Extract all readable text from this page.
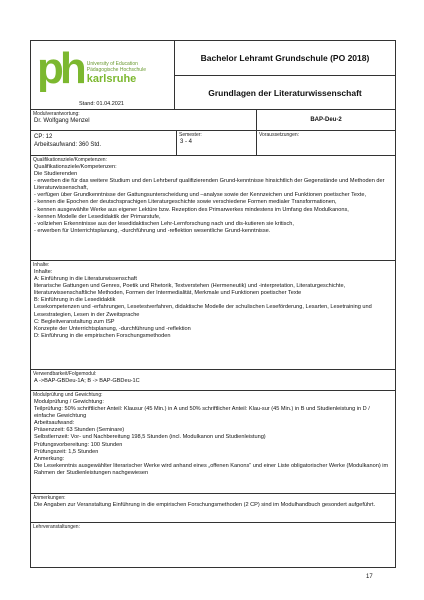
ph University of Education
Pädagogische Hochschule
karlsruhe
Stand: 01.04.2021
Bachelor Lehramt Grundschule (PO 2018)
Grundlagen der Literaturwissenschaft
Modulverantwortung:
Dr. Wolfgang Menzel	BAP-Deu-2
CP: 12
Arbeitsaufwand: 360 Std.
Semester:
3 - 4
Voraussetzungen:
Qualifikationsziele/Kompetenzen:
Qualifikationsziele/Kompetenzen:
Die Studierenden
- erwerben die für das weitere Studium und den Lehrberuf qualifizierenden Grund-kenntnisse hinsichtlich der Gegenstände und Methoden der Literaturwissenschaft,
- verfügen über Grundkenntnisse der Gattungsunterscheidung und –analyse sowie der Kennzeichen und Funktionen poetischer Texte,
- kennen die Epochen der deutschsprachigen Literaturgeschichte sowie verschiedene Formen medialer Transformationen,
- kennen ausgewählte Werke aus eigener Lektüre bzw. Rezeption des Primarwerkes mindestens im Umfang des Modulkanons,
- kennen Modelle der Lesedidaktik der Primarstufe,
- vollziehen Erkenntnisse aus der lesedidaktischen Lehr-Lernforschung nach und dis-kutieren sie kritisch,
- erwerben für Unterrichtsplanung, -durchführung und -reflektion wesentliche Grund-kenntnisse.
Inhalte:
Inhalte:
A: Einführung in die Literaturwissenschaft
literarische Gattungen und Genres, Poetik und Rhetorik, Textverstehen (Hermeneutik) und -interpretation, Literaturgeschichte, literaturwissenschaftliche Methoden, Formen der Intermedialität, Merkmale und Funktionen poetischer Texte
B: Einführung in die Lesedidaktik
Lesekompetenzen und -erfahrungen, Lesetestverfahren, didaktische Modelle der schulischen Leseförderung, Lesarten, Lesetraining und Lesestrategien, Lesen in der Zweitsprache
C: Begleitveranstaltung zum ISP
Konzepte der Unterrichtsplanung, -durchführung und -reflektion
D: Einführung in die empirischen Forschungsmethoden
Verwendbarkeit/Folgemodul:
A ->BAP-GBDeu-1A; B -> BAP-GBDeu-1C
Modulprüfung und Gewichtung:
Modulprüfung / Gewichtung:
Teilprüfung: 50% schriftlicher Anteil: Klausur (45 Min.) in A und 50% schriftlicher Anteil: Klau-sur (45 Min.) in B und Studienleistung in D / einfache Gewichtung
Arbeitsaufwand:
Präsenzzeit: 63 Stunden (Seminare)
Selbstlernzeit: Vor- und Nachbereitung 198,5 Stunden (incl. Modulkanon und Studienleistung)
Prüfungsvorbereitung: 100 Stunden
Prüfungszeit: 1,5 Stunden
Anmerkung:
Die Lesekenntnis ausgewählter literarischer Werke wird anhand eines „offenen Kanons“ und einer Liste obligatorischer Werke (Modulkanon) im Rahmen der Studienleistungen nachgewiesen
Anmerkungen:
Die Angaben zur Veranstaltung Einführung in die empirischen Forschungsmethoden (2 CP) sind im Modulhandbuch gesondert aufgeführt.
Lehrveranstaltungen:
17
